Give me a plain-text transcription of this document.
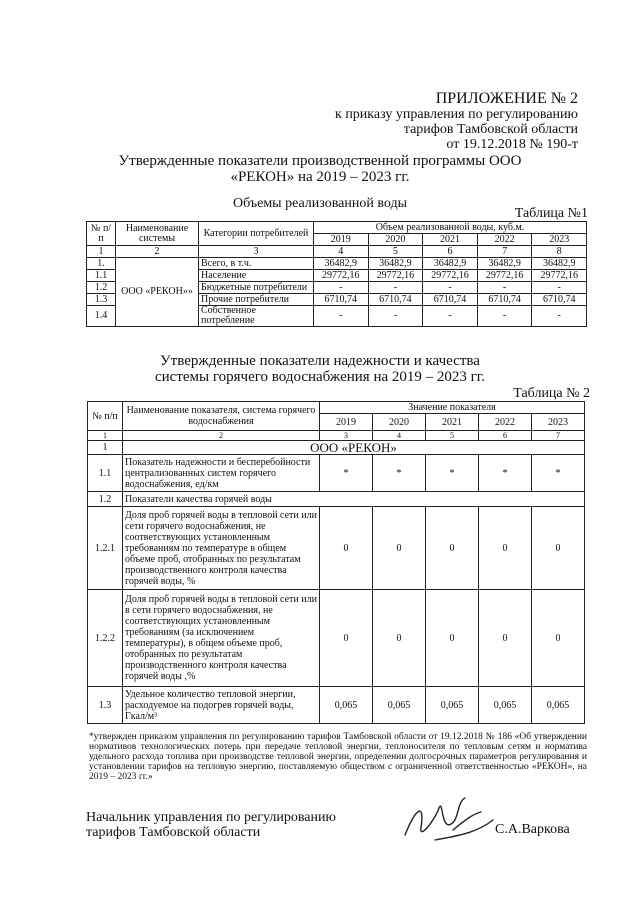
ПРИЛОЖЕНИЕ № 2
к приказу управления по регулированию
тарифов Тамбовской области
от 19.12.2018 № 190-т
Утвержденные показатели производственной программы ООО «РЕКОН» на 2019 – 2023 гг.
Объемы реализованной воды
Таблица №1
№ п/п	Наименование системы	Категории потребителей	Объем реализованной воды, куб.м.				
			2019	2020	2021	2022	2023
1	2	3	4	5	6	7	8
1.	ООО «РЕКОН»»	Всего, в т.ч.	36482,9	36482,9	36482,9	36482,9	36482,9
1.1		Население	29772,16	29772,16	29772,16	29772,16	29772,16
1.2		Бюджетные потребители	-	-	-	-	-
1.3		Прочие потребители	6710,74	6710,74	6710,74	6710,74	6710,74
1.4		Собственное потребление	-	-	-	-	-
Утвержденные показатели надежности и качества системы горячего водоснабжения на 2019 – 2023 гг.
Таблица № 2
№ п/п	Наименование показателя, система горячего водоснабжения	Значение показателя				
		2019	2020	2021	2022	2023
1	2	3	4	5	6	7
1	ООО «РЕКОН»					
1.1	Показатель надежности и бесперебойности централизованных систем горячего водоснабжения, ед/км	*	*	*	*	*
1.2	Показатели качества горячей воды					
1.2.1	Доля проб горячей воды в тепловой сети или сети горячего водоснабжения, не соответствующих установленным требованиям по температуре в общем объеме проб, отобранных по результатам производственного контроля качества горячей воды, %	0	0	0	0	0
1.2.2	Доля проб горячей воды в тепловой сети или в сети горячего водоснабжения, не соответствующих установленным требованиям (за исключением температуры), в общем объеме проб, отобранных по результатам производственного контроля качества горячей воды ,%	0	0	0	0	0
1.3	Удельное количество тепловой энергии, расходуемое на подогрев горячей воды, Гкал/м³	0,065	0,065	0,065	0,065	0,065
*утвержден приказом управления по регулированию тарифов Тамбовской области от 19.12.2018 № 186 «Об утверждении нормативов технологических потерь при передаче тепловой энергии, теплоносителя по тепловым сетям и норматива удельного расхода топлива при производстве тепловой энергии, определении долгосрочных параметров регулирования и установлении тарифов на тепловую энергию, поставляемую обществом с ограниченной ответственностью «РЕКОН», на 2019 – 2023 гг.»
Начальник управления по регулированию
тарифов Тамбовской области	С.А.Варкова
